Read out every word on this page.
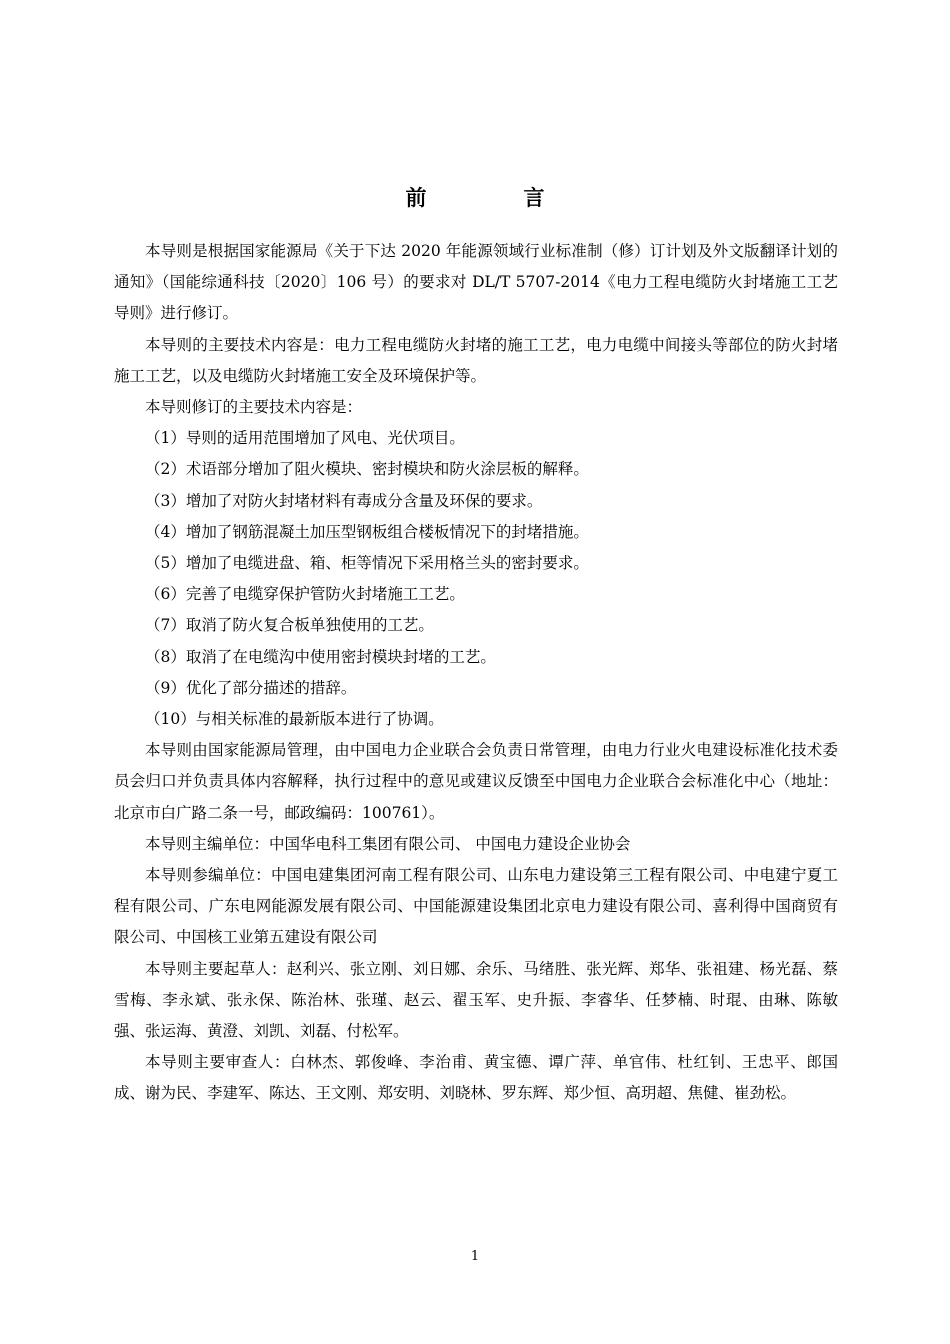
前　言

本导则是根据国家能源局《关于下达 2020 年能源领域行业标准制（修）订计划及外文版翻译计划的通知》（国能综通科技〔2020〕106 号）的要求对 DL/T 5707-2014《电力工程电缆防火封堵施工工艺导则》进行修订。

本导则的主要技术内容是：电力工程电缆防火封堵的施工工艺，电力电缆中间接头等部位的防火封堵施工工艺，以及电缆防火封堵施工安全及环境保护等。

本导则修订的主要技术内容是：

（1）导则的适用范围增加了风电、光伏项目。

（2）术语部分增加了阻火模块、密封模块和防火涂层板的解释。

（3）增加了对防火封堵材料有毒成分含量及环保的要求。

（4）增加了钢筋混凝土加压型钢板组合楼板情况下的封堵措施。

（5）增加了电缆进盘、箱、柜等情况下采用格兰头的密封要求。

（6）完善了电缆穿保护管防火封堵施工工艺。

（7）取消了防火复合板单独使用的工艺。

（8）取消了在电缆沟中使用密封模块封堵的工艺。

（9）优化了部分描述的措辞。

（10）与相关标准的最新版本进行了协调。

本导则由国家能源局管理，由中国电力企业联合会负责日常管理，由电力行业火电建设标准化技术委员会归口并负责具体内容解释，执行过程中的意见或建议反馈至中国电力企业联合会标准化中心（地址：北京市白广路二条一号，邮政编码：100761）。

本导则主编单位：中国华电科工集团有限公司、 中国电力建设企业协会

本导则参编单位：中国电建集团河南工程有限公司、山东电力建设第三工程有限公司、中电建宁夏工程有限公司、广东电网能源发展有限公司、中国能源建设集团北京电力建设有限公司、喜利得中国商贸有限公司、中国核工业第五建设有限公司

本导则主要起草人：赵利兴、张立刚、刘日娜、余乐、马绪胜、张光辉、郑华、张祖建、杨光磊、蔡雪梅、李永斌、张永保、陈治林、张瑾、赵云、翟玉军、史升振、李睿华、任梦楠、时琨、由琳、陈敏强、张运海、黄澄、刘凯、刘磊、付松军。

本导则主要审查人：白林杰、郭俊峰、李治甫、黄宝德、谭广萍、单官伟、杜红钊、王忠平、郎国成、谢为民、李建军、陈达、王文刚、郑安明、刘晓林、罗东辉、郑少恒、高玥超、焦健、崔劲松。

1
